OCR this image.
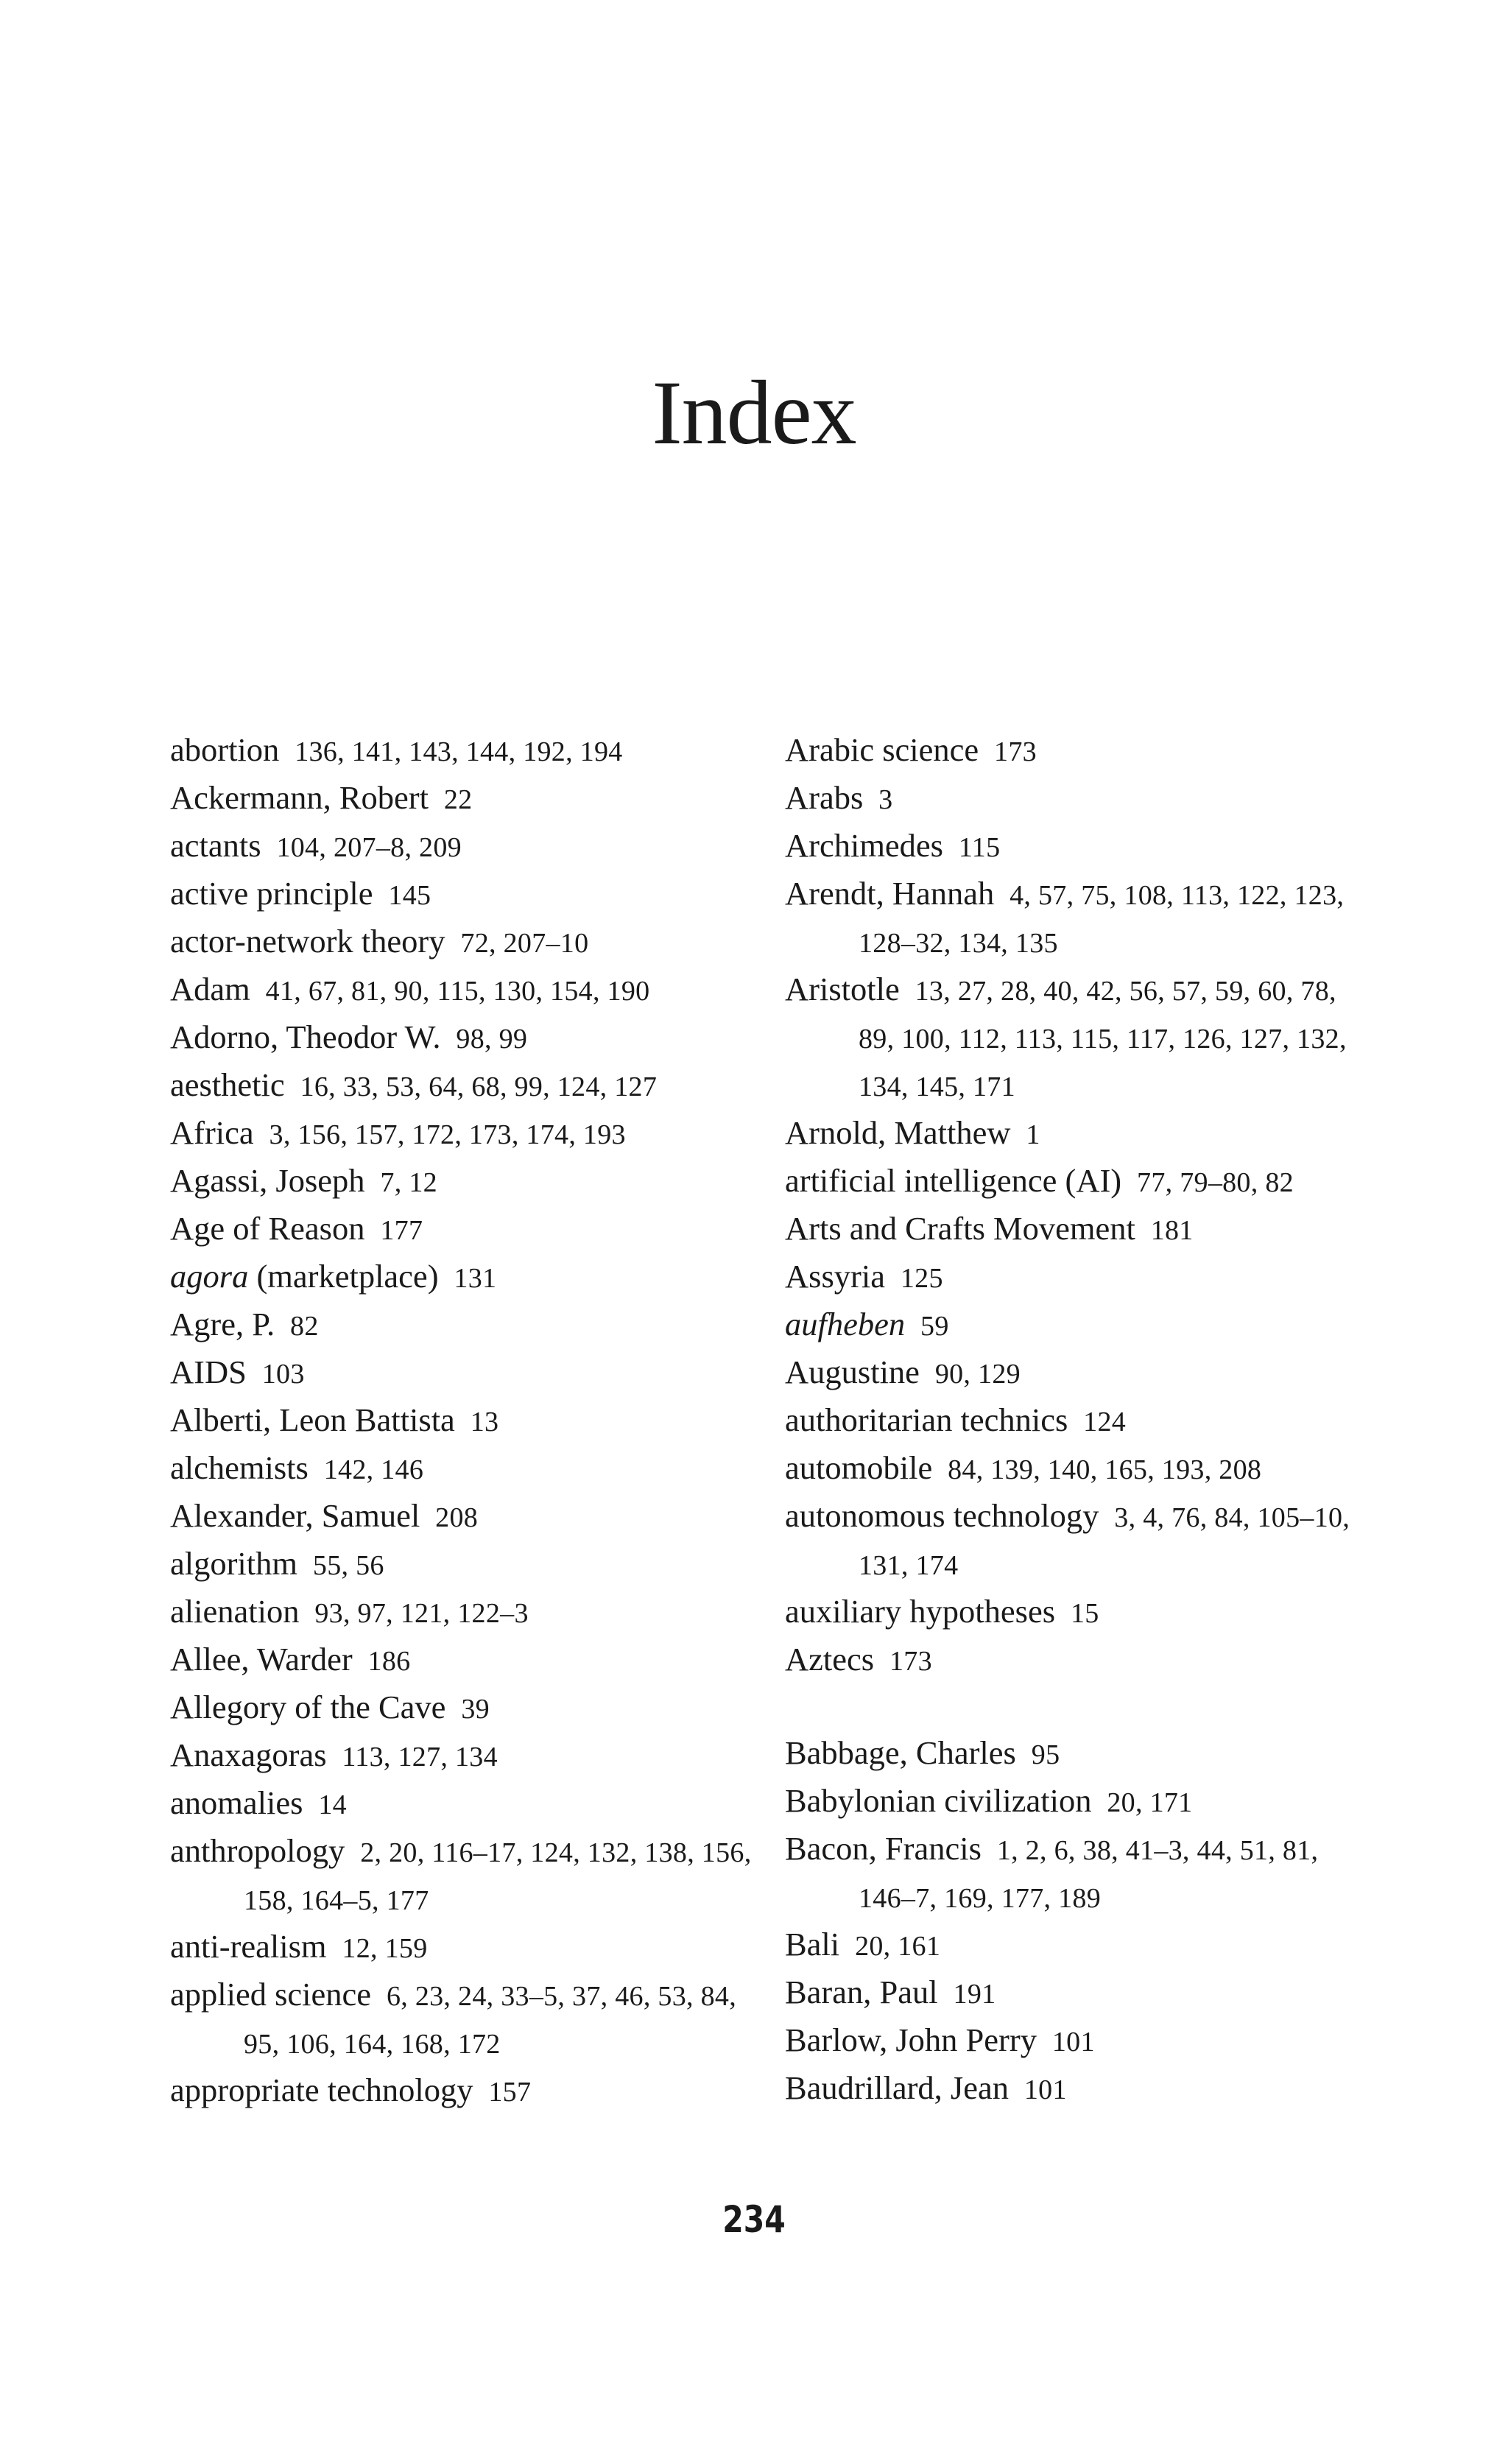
Index
abortion 136, 141, 143, 144, 192, 194
Ackermann, Robert 22
actants 104, 207–8, 209
active principle 145
actor-network theory 72, 207–10
Adam 41, 67, 81, 90, 115, 130, 154, 190
Adorno, Theodor W. 98, 99
aesthetic 16, 33, 53, 64, 68, 99, 124, 127
Africa 3, 156, 157, 172, 173, 174, 193
Agassi, Joseph 7, 12
Age of Reason 177
agora (marketplace) 131
Agre, P. 82
AIDS 103
Alberti, Leon Battista 13
alchemists 142, 146
Alexander, Samuel 208
algorithm 55, 56
alienation 93, 97, 121, 122–3
Allee, Warder 186
Allegory of the Cave 39
Anaxagoras 113, 127, 134
anomalies 14
anthropology 2, 20, 116–17, 124, 132, 138, 156, 158, 164–5, 177
anti-realism 12, 159
applied science 6, 23, 24, 33–5, 37, 46, 53, 84, 95, 106, 164, 168, 172
appropriate technology 157
Arabic science 173
Arabs 3
Archimedes 115
Arendt, Hannah 4, 57, 75, 108, 113, 122, 123, 128–32, 134, 135
Aristotle 13, 27, 28, 40, 42, 56, 57, 59, 60, 78, 89, 100, 112, 113, 115, 117, 126, 127, 132, 134, 145, 171
Arnold, Matthew 1
artificial intelligence (AI) 77, 79–80, 82
Arts and Crafts Movement 181
Assyria 125
aufheben 59
Augustine 90, 129
authoritarian technics 124
automobile 84, 139, 140, 165, 193, 208
autonomous technology 3, 4, 76, 84, 105–10, 131, 174
auxiliary hypotheses 15
Aztecs 173
Babbage, Charles 95
Babylonian civilization 20, 171
Bacon, Francis 1, 2, 6, 38, 41–3, 44, 51, 81, 146–7, 169, 177, 189
Bali 20, 161
Baran, Paul 191
Barlow, John Perry 101
Baudrillard, Jean 101
234
